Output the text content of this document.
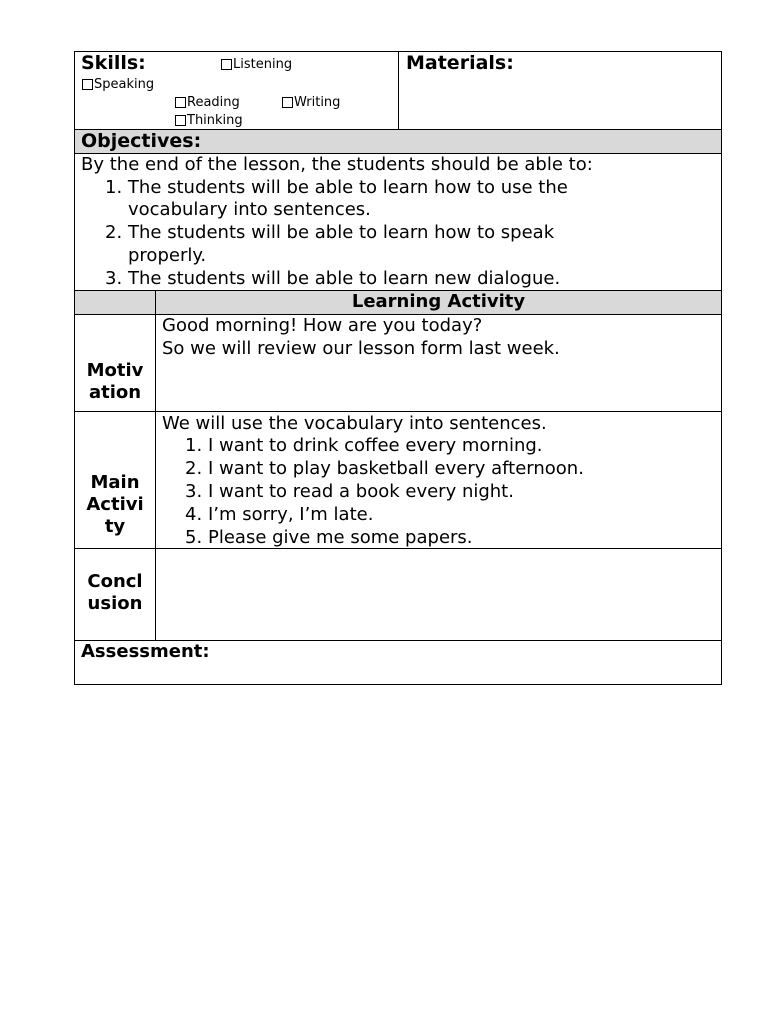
Skills:	Listening
Speaking
Reading	Writing
Thinking
Materials:
Objectives:
By the end of the lesson, the students should be able to:
1. The students will be able to learn how to use the
vocabulary into sentences.
2. The students will be able to learn how to speak
properly.
3. The students will be able to learn new dialogue.
Learning Activity
Motiv
ation
Good morning! How are you today?
So we will review our lesson form last week.
Main
Activi
ty
We will use the vocabulary into sentences.
1. I want to drink coffee every morning.
2. I want to play basketball every afternoon.
3. I want to read a book every night.
4. I’m sorry, I’m late.
5. Please give me some papers.
Concl
usion
Assessment:
